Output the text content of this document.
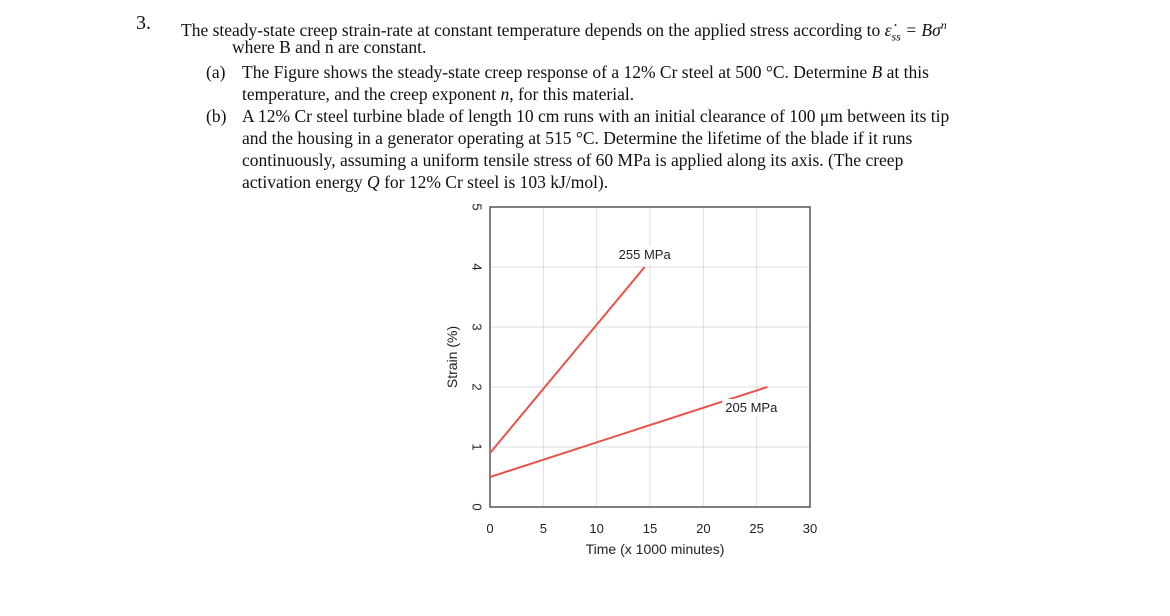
3. The steady-state creep strain-rate at constant temperature depends on the applied stress according to $\varepsiloṅ_{ss} = B\sigma^n$
where B and n are constant.
(a) The Figure shows the steady-state creep response of a 12% Cr steel at 500 °C. Determine B at this
temperature, and the creep exponent n, for this material.
(b) A 12% Cr steel turbine blade of length 10 cm runs with an initial clearance of 100 μm between its tip
and the housing in a generator operating at 515 °C. Determine the lifetime of the blade if it runs
continuously, assuming a uniform tensile stress of 60 MPa is applied along its axis. (The creep
activation energy Q for 12% Cr steel is 103 kJ/mol).
255 MPa
205 MPa
0	5	10	15	20	25	30
0
1
2
3
4
5
Time (x 1000 minutes)
Strain (%)
